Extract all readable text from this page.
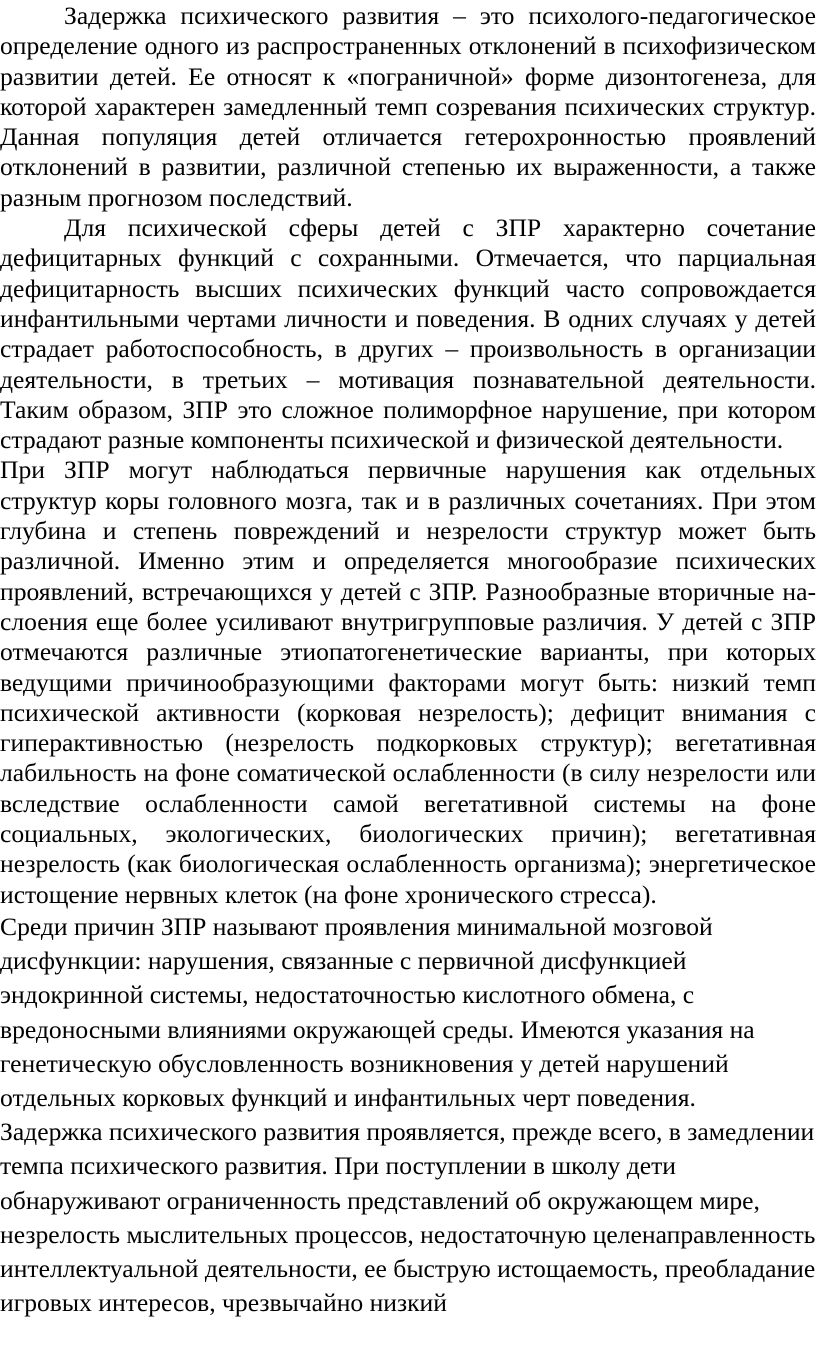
Задержка психического развития – это психолого-педагогическое определение одного из распространенных отклонений в психофизическом развитии детей. Ее относят к «пограничной» форме дизонтогенеза, для которой характерен замедленный темп созревания психических структур. Данная популяция детей отличается гетерохронностью проявлений отклонений в развитии, различной степенью их выраженности, а также разным прогнозом последствий.

Для психической сферы детей с ЗПР характерно сочетание дефицитарных функций с сохранными. Отмечается, что парциальная дефицитарность высших психических функций часто сопровождается инфантильными чертами личности и поведения. В одних случаях у детей страдает работоспособность, в других – произвольность в организации деятельности, в третьих – мотивация познавательной деятельности. Таким образом, ЗПР это сложное полиморфное нарушение, при котором страдают разные компоненты психической и физической деятельности.

При ЗПР могут наблюдаться первичные нарушения как отдельных структур коры головного мозга, так и в различных сочетаниях. При этом глубина и степень повреждений и незрелости структур может быть различной. Именно этим и определяется многообразие психических проявлений, встречающихся у детей с ЗПР. Разнообразные вторичные наслоения еще более усиливают внутригрупповые различия. У детей с ЗПР отмечаются различные этиопатогенетические варианты, при которых ведущими причинообразующими факторами могут быть: низкий темп психической активности (корковая незрелость); дефицит внимания с гиперактивностью (незрелость подкорковых структур); вегетативная лабильность на фоне соматической ослабленности (в силу незрелости или вследствие ослабленности самой вегетативной системы на фоне социальных, экологических, биологических причин); вегетативная незрелость (как биологическая ослабленность организма); энергетическое истощение нервных клеток (на фоне хронического стресса).

Среди причин ЗПР называют проявления минимальной мозговой дисфункции: нарушения, связанные с первичной дисфункцией эндокринной системы, недостаточностью кислотного обмена, с вредоносными влияниями окружающей среды. Имеются указания на генетическую обусловленность возникновения у детей нарушений отдельных корковых функций и инфантильных черт поведения.

Задержка психического развития проявляется, прежде всего, в замедлении темпа психического развития. При поступлении в школу дети обнаруживают ограниченность представлений об окружающем мире, незрелость мыслительных процессов, недостаточную целенаправленность интеллектуальной деятельности, ее быструю истощаемость, преобладание игровых интересов, чрезвычайно низкий
